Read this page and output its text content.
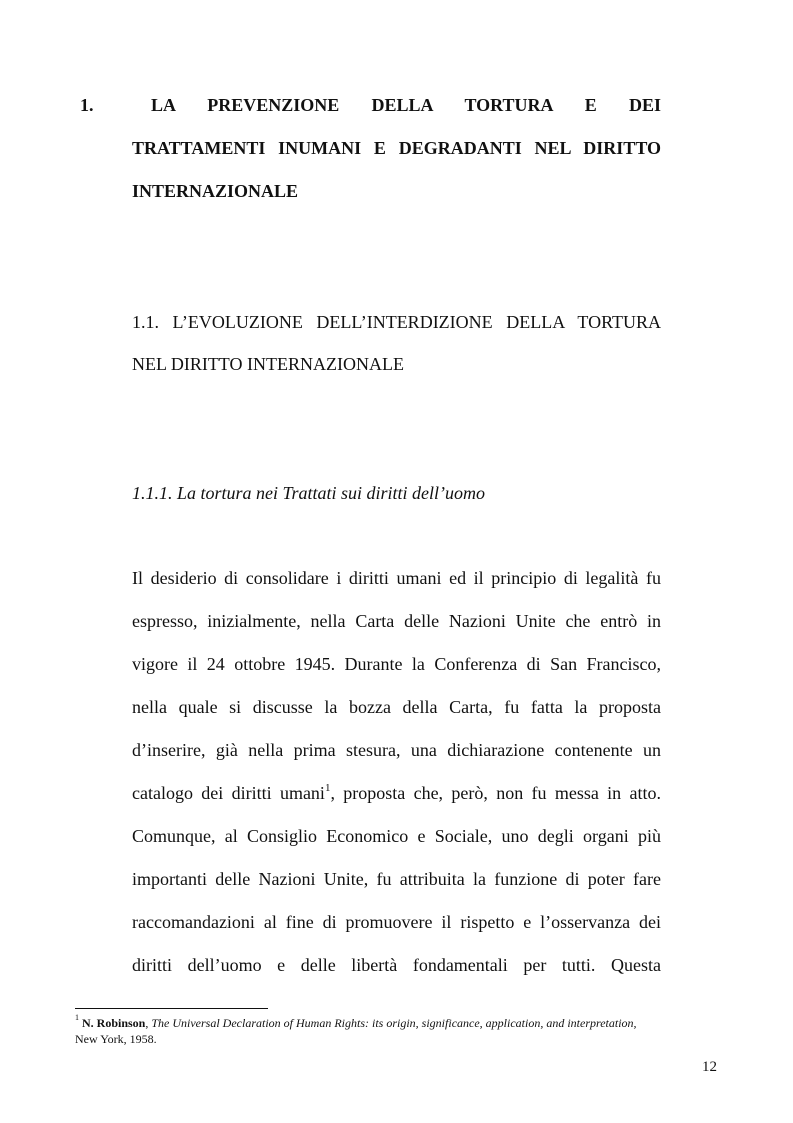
1.	LA PREVENZIONE DELLA TORTURA E DEI
TRATTAMENTI INUMANI E DEGRADANTI NEL DIRITTO
INTERNAZIONALE
1.1. L’EVOLUZIONE DELL’INTERDIZIONE DELLA TORTURA
NEL DIRITTO INTERNAZIONALE
1.1.1. La tortura nei Trattati sui diritti dell’uomo
Il desiderio di consolidare i diritti umani ed il principio di legalità fu
espresso, inizialmente, nella Carta delle Nazioni Unite che entrò in
vigore il 24 ottobre 1945. Durante la Conferenza di San Francisco,
nella quale si discusse la bozza della Carta, fu fatta la proposta
d’inserire, già nella prima stesura, una dichiarazione contenente un
catalogo dei diritti umani$^1$, proposta che, però, non fu messa in atto.
Comunque, al Consiglio Economico e Sociale, uno degli organi più
importanti delle Nazioni Unite, fu attribuita la funzione di poter fare
raccomandazioni al fine di promuovere il rispetto e l’osservanza dei
diritti dell’uomo e delle libertà fondamentali per tutti. Questa
$^1$ N. Robinson, The Universal Declaration of Human Rights: its origin, significance, application, and interpretation,
New York, 1958.
12
